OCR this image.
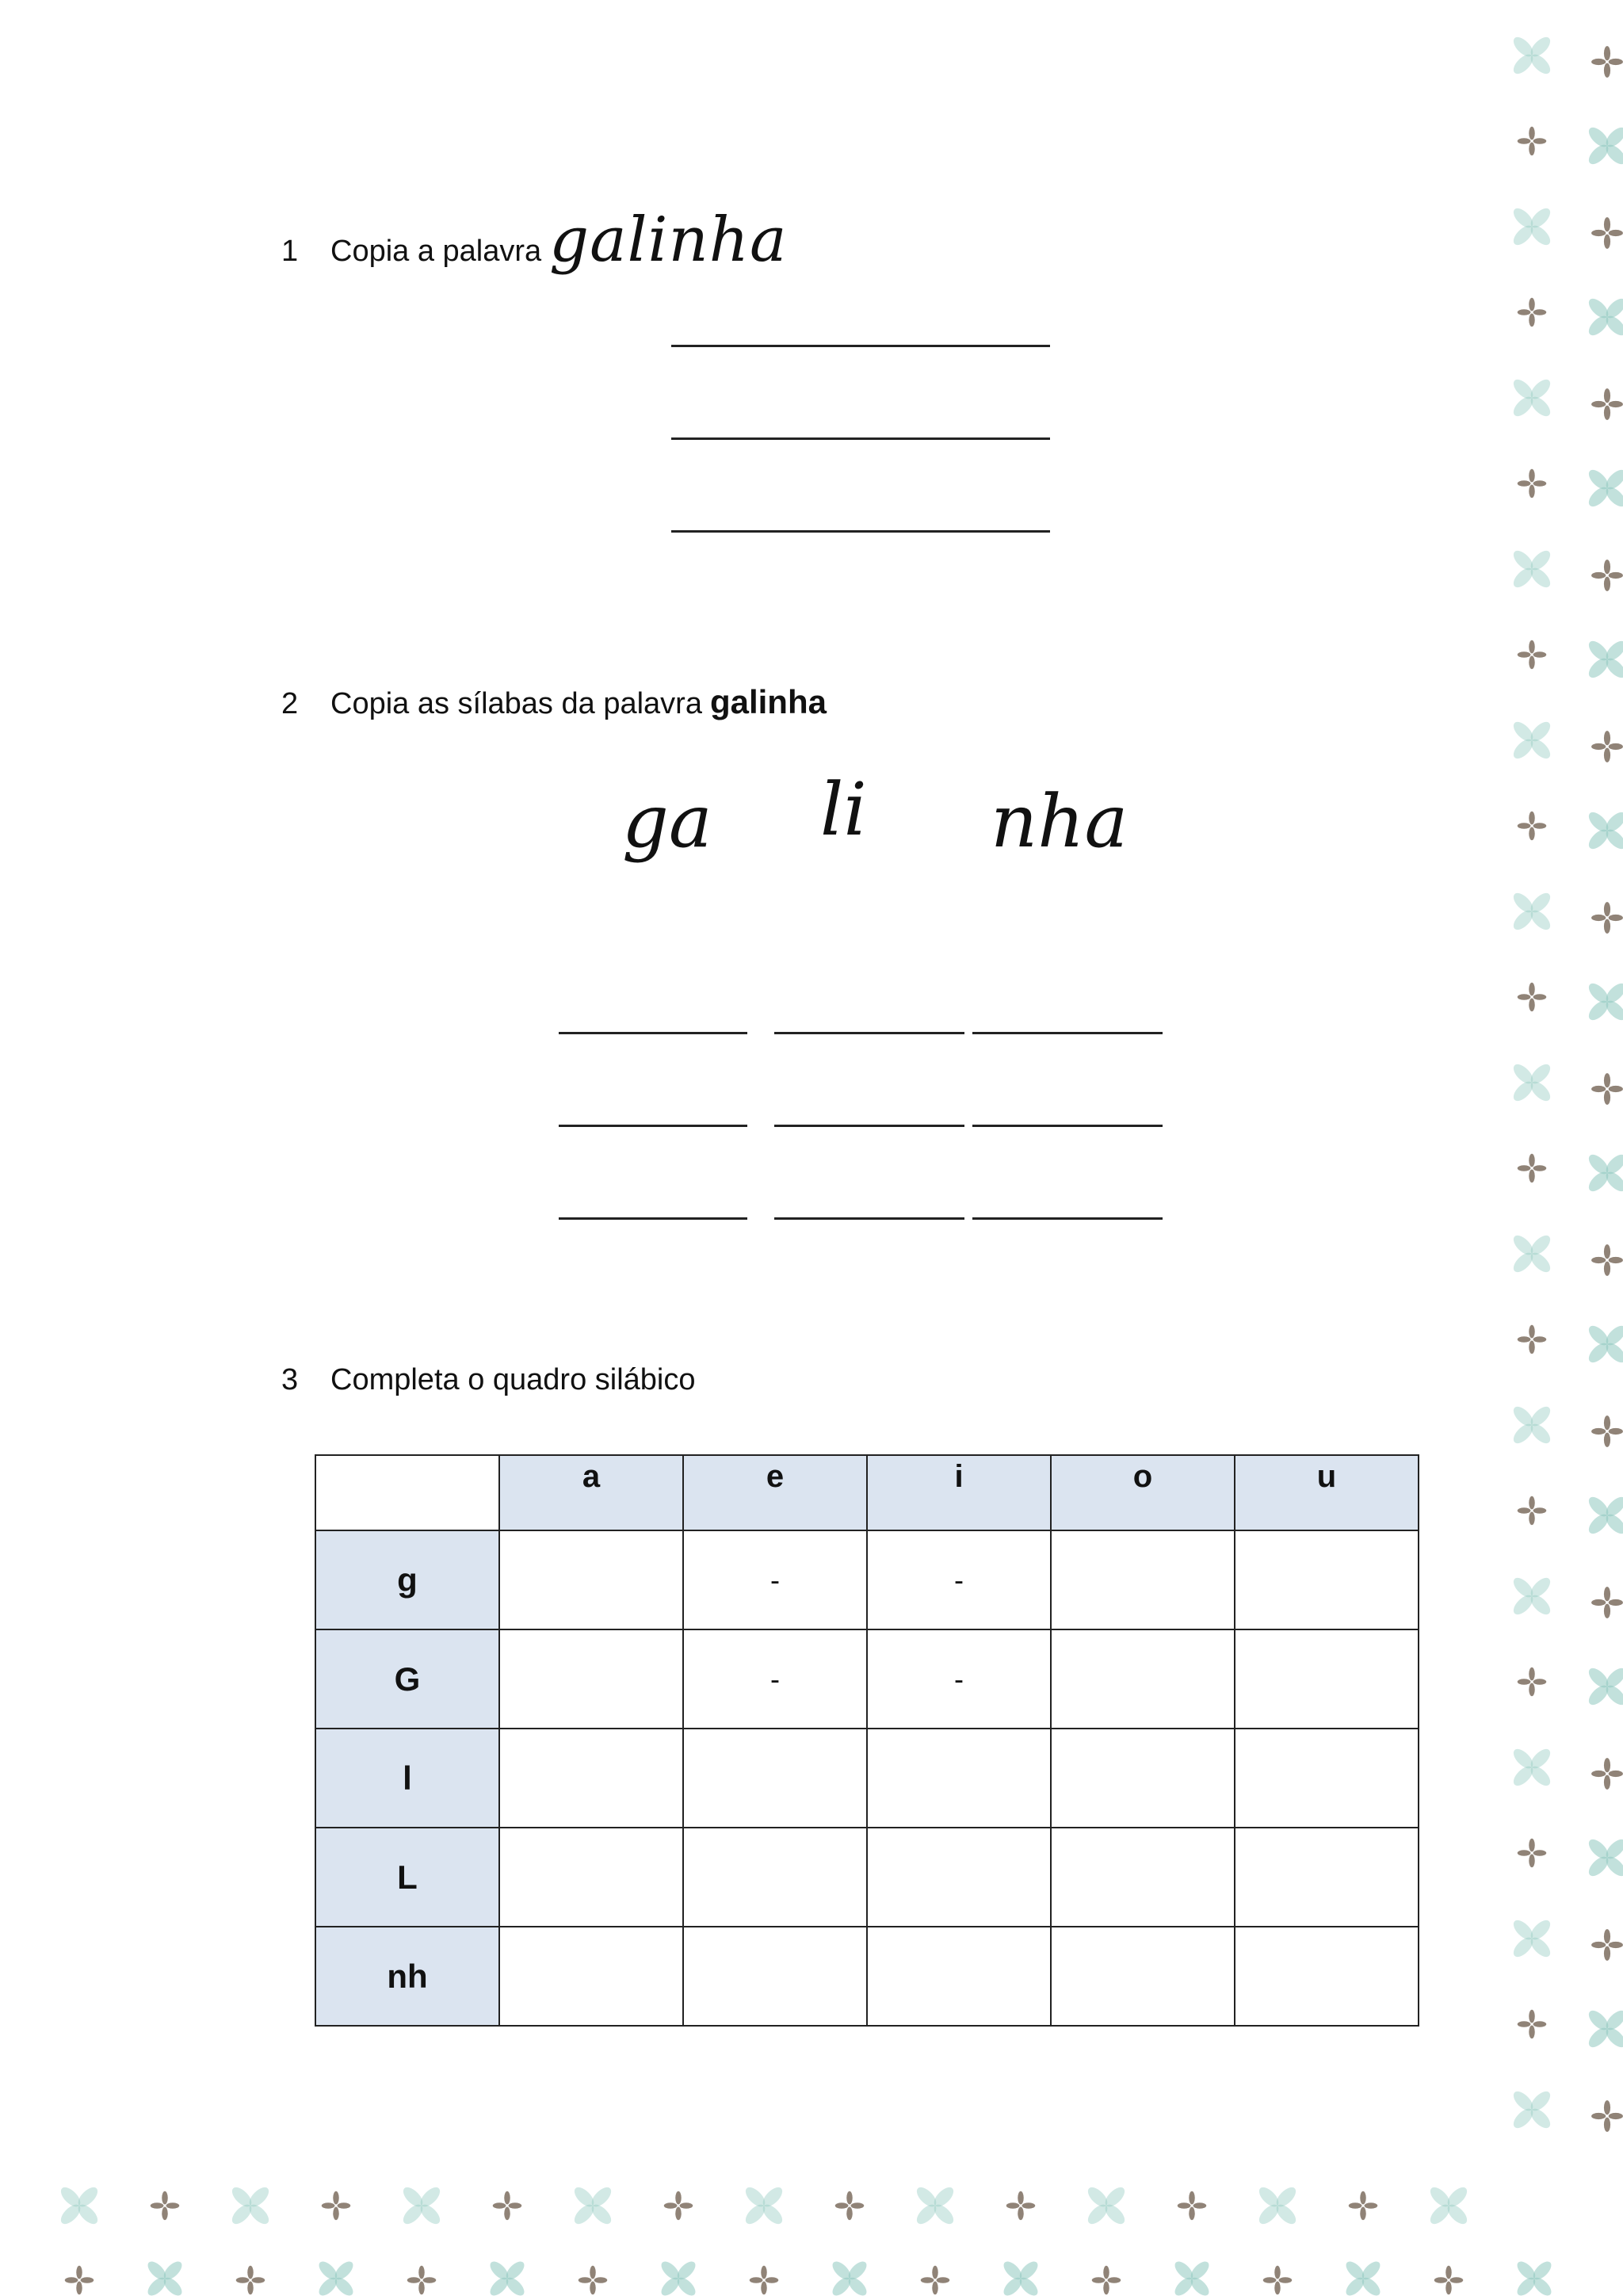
1	Copia a palavra galinha
2	Copia as sílabas da palavra galinha
ga li nha
3	Completa o quadro silábico
	a	e	i	o	u
g		-	-		
G		-	-		
l					
L					
nh					
